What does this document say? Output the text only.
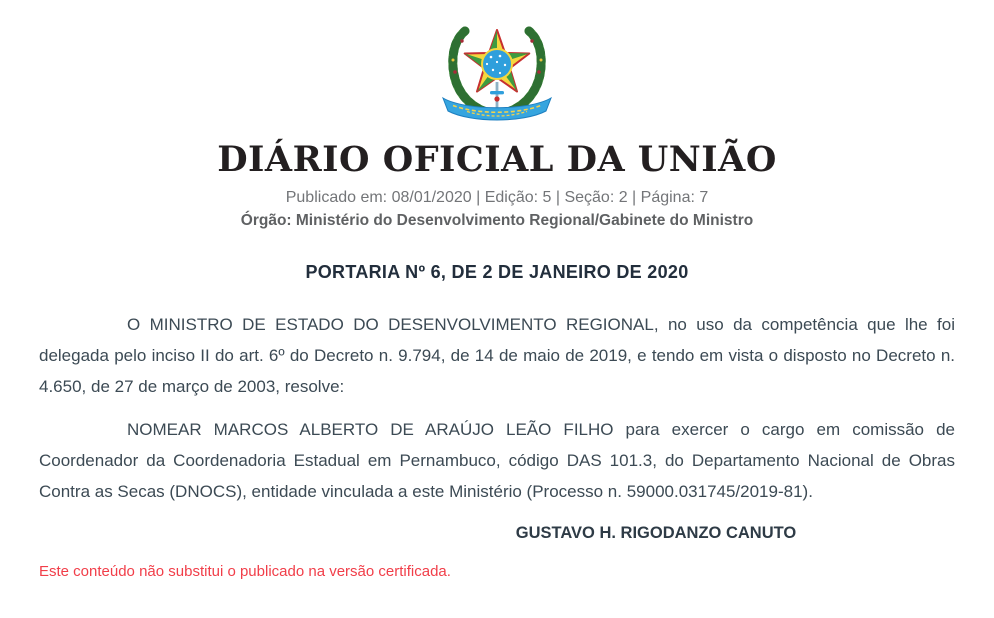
DIÁRIO OFICIAL DA UNIÃO
Publicado em: 08/01/2020 | Edição: 5 | Seção: 2 | Página: 7
Órgão: Ministério do Desenvolvimento Regional/Gabinete do Ministro
PORTARIA Nº 6, DE 2 DE JANEIRO DE 2020

O MINISTRO DE ESTADO DO DESENVOLVIMENTO REGIONAL, no uso da competência que lhe foi delegada pelo inciso II do art. 6º do Decreto n. 9.794, de 14 de maio de 2019, e tendo em vista o disposto no Decreto n. 4.650, de 27 de março de 2003, resolve:

NOMEAR MARCOS ALBERTO DE ARAÚJO LEÃO FILHO para exercer o cargo em comissão de Coordenador da Coordenadoria Estadual em Pernambuco, código DAS 101.3, do Departamento Nacional de Obras Contra as Secas (DNOCS), entidade vinculada a este Ministério (Processo n. 59000.031745/2019-81).

GUSTAVO H. RIGODANZO CANUTO
Este conteúdo não substitui o publicado na versão certificada.
